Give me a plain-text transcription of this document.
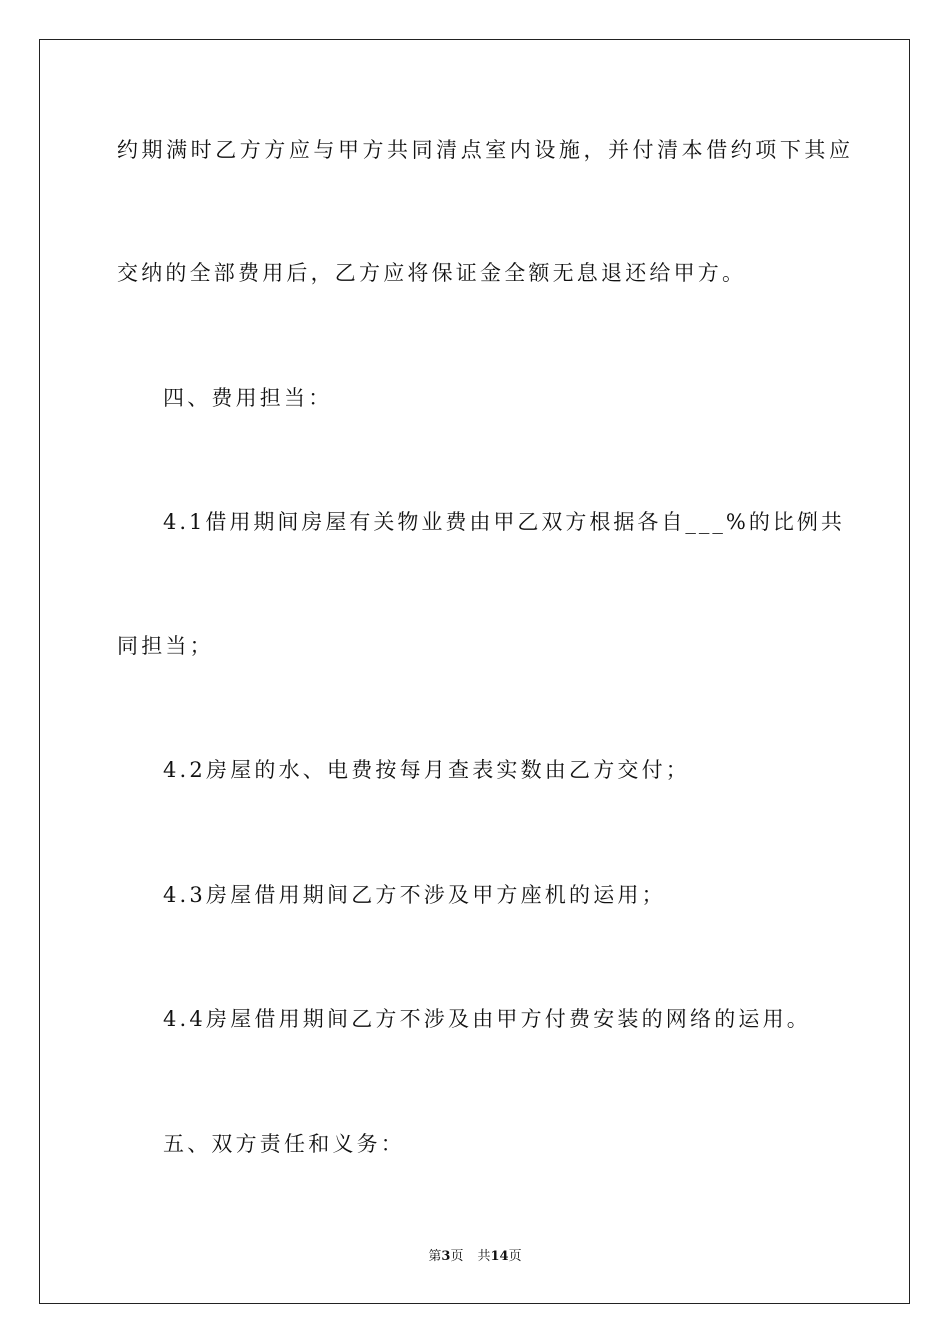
约期满时乙方方应与甲方共同清点室内设施，并付清本借约项下其应
交纳的全部费用后，乙方应将保证金全额无息退还给甲方。
四、费用担当：
4.1借用期间房屋有关物业费由甲乙双方根据各自___%的比例共
同担当；
4.2房屋的水、电费按每月查表实数由乙方交付；
4.3房屋借用期间乙方不涉及甲方座机的运用；
4.4房屋借用期间乙方不涉及由甲方付费安装的网络的运用。
五、双方责任和义务：
第3页 共14页
